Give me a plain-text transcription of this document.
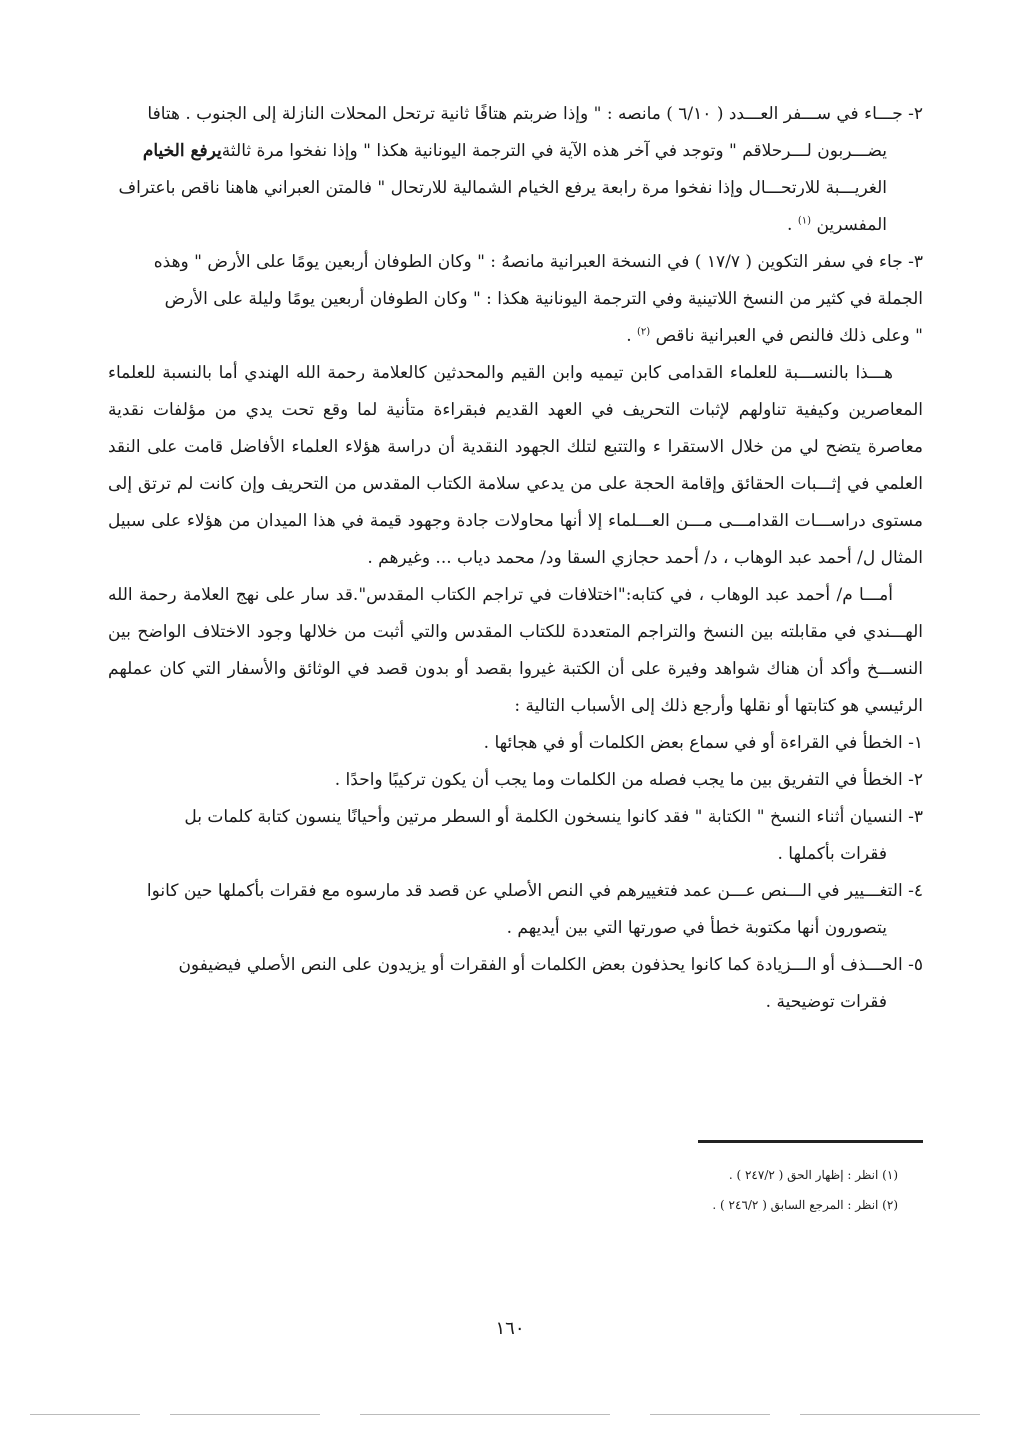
٢- جـــاء في ســـفر العـــدد ( ٦/١٠ ) مانصه : " وإذا ضربتم هتافًا ثانية ترتحل المحلات النازلة إلى الجنوب . هتافا
يضـــربون لـــرحلاقم " وتوجد في آخر هذه الآية في الترجمة اليونانية هكذا " وإذا نفخوا مرة ثالثةيرفع الخيام
الغريـــبة للارتحـــال وإذا نفخوا مرة رابعة يرفع الخيام الشمالية للارتحال " فالمتن العبراني هاهنا ناقص باعتراف
المفسرين $^{(١)}$ .
٣- جاء في سفر التكوين ( ١٧/٧ ) في النسخة العبرانية مانصهُ : " وكان الطوفان أربعين يومًا على الأرض " وهذه
الجملة في كثير من النسخ اللاتينية وفي الترجمة اليونانية هكذا : " وكان الطوفان أربعين يومًا وليلة على الأرض
" وعلى ذلك فالنص في العبرانية ناقص $^{(٢)}$ .

هـــذا بالنســـبة للعلماء القدامى كابن تيميه وابن القيم والمحدثين كالعلامة رحمة الله الهندي أما بالنسبة للعلماء المعاصرين وكيفية تناولهم لإثبات التحريف في العهد القديم فبقراءة متأنية لما وقع تحت يدي من مؤلفات نقدية معاصرة يتضح لي من خلال الاستقرا ء والتتبع لتلك الجهود النقدية أن دراسة هؤلاء العلماء الأفاضل قامت على النقد العلمي في إثـــبات الحقائق وإقامة الحجة على من يدعي سلامة الكتاب المقدس من التحريف وإن كانت لم ترتق إلى مستوى دراســـات القدامـــى مـــن العـــلماء إلا أنها محاولات جادة وجهود قيمة في هذا الميدان من هؤلاء على سبيل المثال ل/ أحمد عبد الوهاب ، د/ أحمد حجازي السقا ود/ محمد دياب ... وغيرهم .

أمـــا م/ أحمد عبد الوهاب ، في كتابه:"اختلافات في تراجم الكتاب المقدس".قد سار على نهج العلامة رحمة الله الهـــندي في مقابلته بين النسخ والتراجم المتعددة للكتاب المقدس والتي أثبت من خلالها وجود الاختلاف الواضح بين النســـخ وأكد أن هناك شواهد وفيرة على أن الكتبة غيروا بقصد أو بدون قصد في الوثائق والأسفار التي كان عملهم الرئيسي هو كتابتها أو نقلها وأرجع ذلك إلى الأسباب التالية :

١- الخطأ في القراءة أو في سماع بعض الكلمات أو في هجائها .
٢- الخطأ في التفريق بين ما يجب فصله من الكلمات وما يجب أن يكون تركيبًا واحدًا .
٣- النسيان أثناء النسخ " الكتابة " فقد كانوا ينسخون الكلمة أو السطر مرتين وأحيانًا ينسون كتابة كلمات بل
فقرات بأكملها .
٤- التغـــيير في الـــنص عـــن عمد فتغييرهم في النص الأصلي عن قصد قد مارسوه مع فقرات بأكملها حين كانوا
يتصورون أنها مكتوبة خطأ في صورتها التي بين أيديهم .
٥- الحـــذف أو الـــزيادة كما كانوا يحذفون بعض الكلمات أو الفقرات أو يزيدون على النص الأصلي فيضيفون
فقرات توضيحية .

(١) انظر : إظهار الحق ( ٢٤٧/٢ ) .

(٢) انظر : المرجع السابق ( ٢٤٦/٢ ) .

١٦٠
